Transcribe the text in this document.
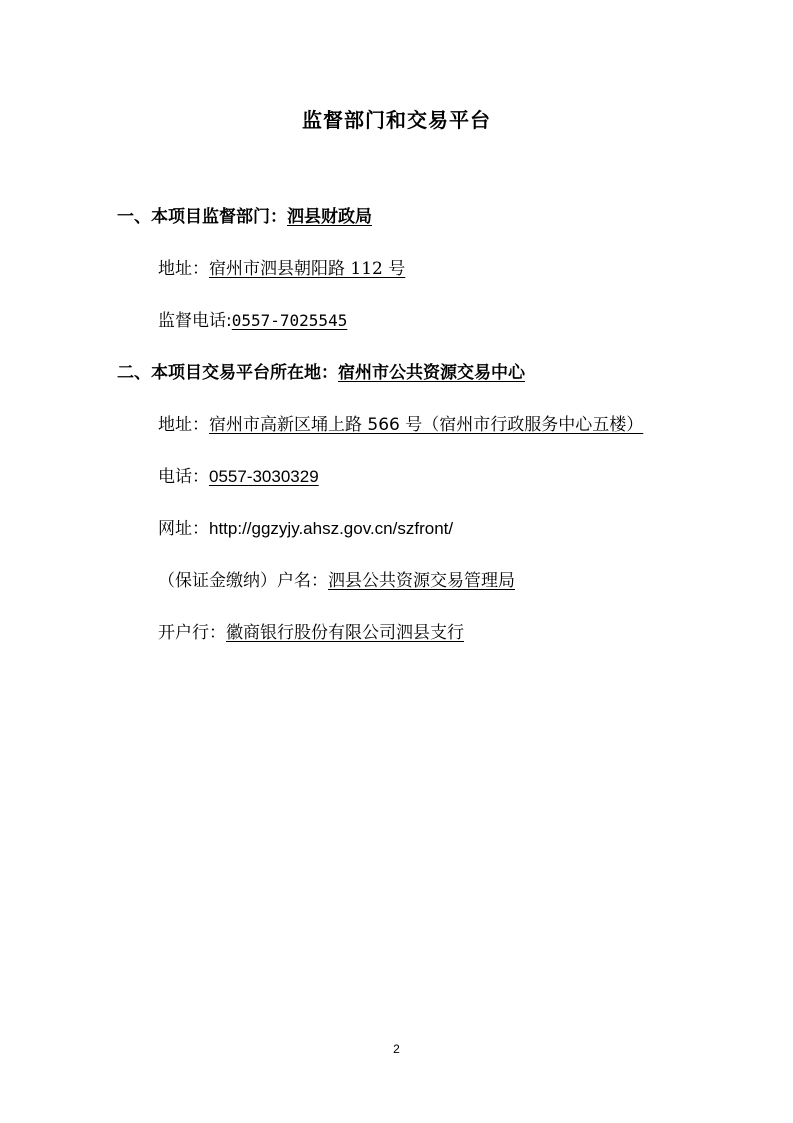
监督部门和交易平台
一、本项目监督部门：泗县财政局
地址：宿州市泗县朝阳路 112 号
监督电话:0557-7025545
二、本项目交易平台所在地：宿州市公共资源交易中心
地址：宿州市高新区埇上路 566 号（宿州市行政服务中心五楼）
电话：0557-3030329
网址：http://ggzyjy.ahsz.gov.cn/szfront/
（保证金缴纳）户名：泗县公共资源交易管理局
开户行：徽商银行股份有限公司泗县支行
2
